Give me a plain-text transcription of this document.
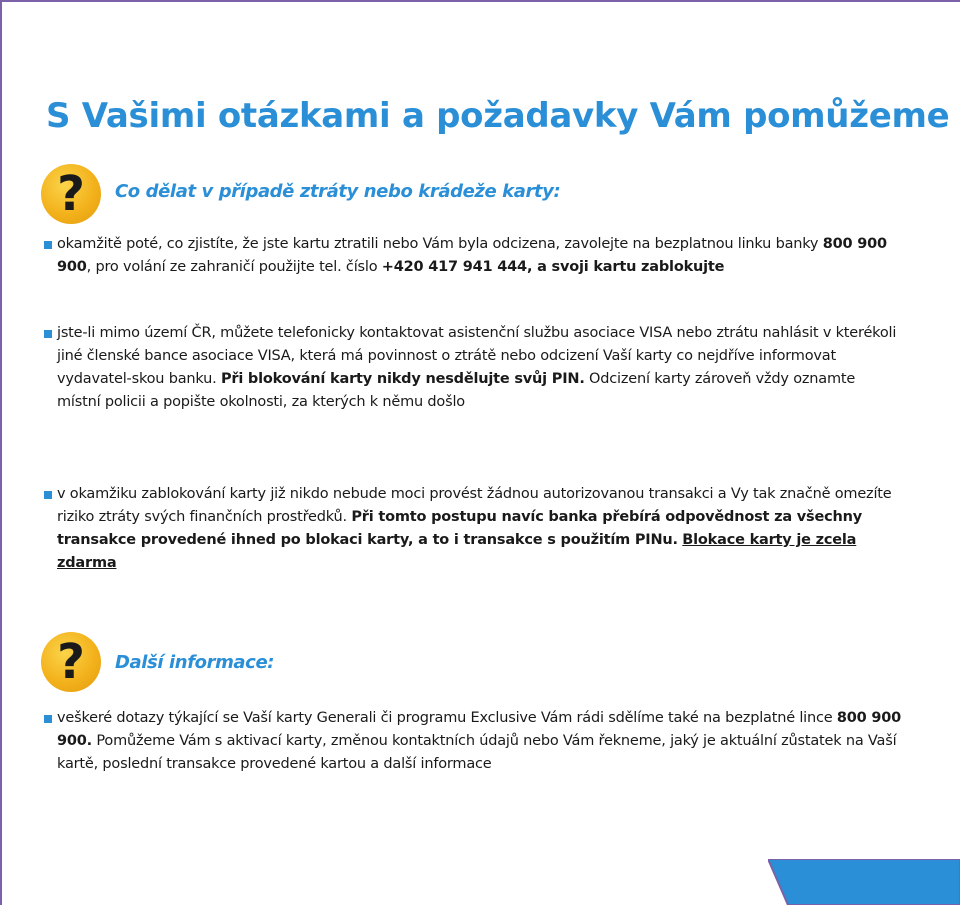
S Vašimi otázkami a požadavky Vám pomůžeme
?	Co dělat v případě ztráty nebo krádeže karty:
okamžitě poté, co zjistíte, že jste kartu ztratili nebo Vám byla odcizena, zavolejte na bezplatnou linku banky 800 900 900, pro volání ze zahraničí použijte tel. číslo +420 417 941 444, a svoji kartu zablokujte
jste-li mimo území ČR, můžete telefonicky kontaktovat asistenční službu asociace VISA nebo ztrátu nahlásit v kterékoli jiné členské bance asociace VISA, která má povinnost o ztrátě nebo odcizení Vaší karty co nejdříve informovat vydavatel-skou banku. Při blokování karty nikdy nesdělujte svůj PIN. Odcizení karty zároveň vždy oznamte místní policii a popište okolnosti, za kterých k němu došlo
v okamžiku zablokování karty již nikdo nebude moci provést žádnou autorizovanou transakci a Vy tak značně omezíte riziko ztráty svých finančních prostředků. Při tomto postupu navíc banka přebírá odpovědnost za všechny transakce provedené ihned po blokaci karty, a to i transakce s použitím PINu. Blokace karty je zcela zdarma
?	Další informace:
veškeré dotazy týkající se Vaší karty Generali či programu Exclusive Vám rádi sdělíme také na bezplatné lince 800 900 900. Pomůžeme Vám s aktivací karty, změnou kontaktních údajů nebo Vám řekneme, jaký je aktuální zůstatek na Vaší kartě, poslední transakce provedené kartou a další informace
